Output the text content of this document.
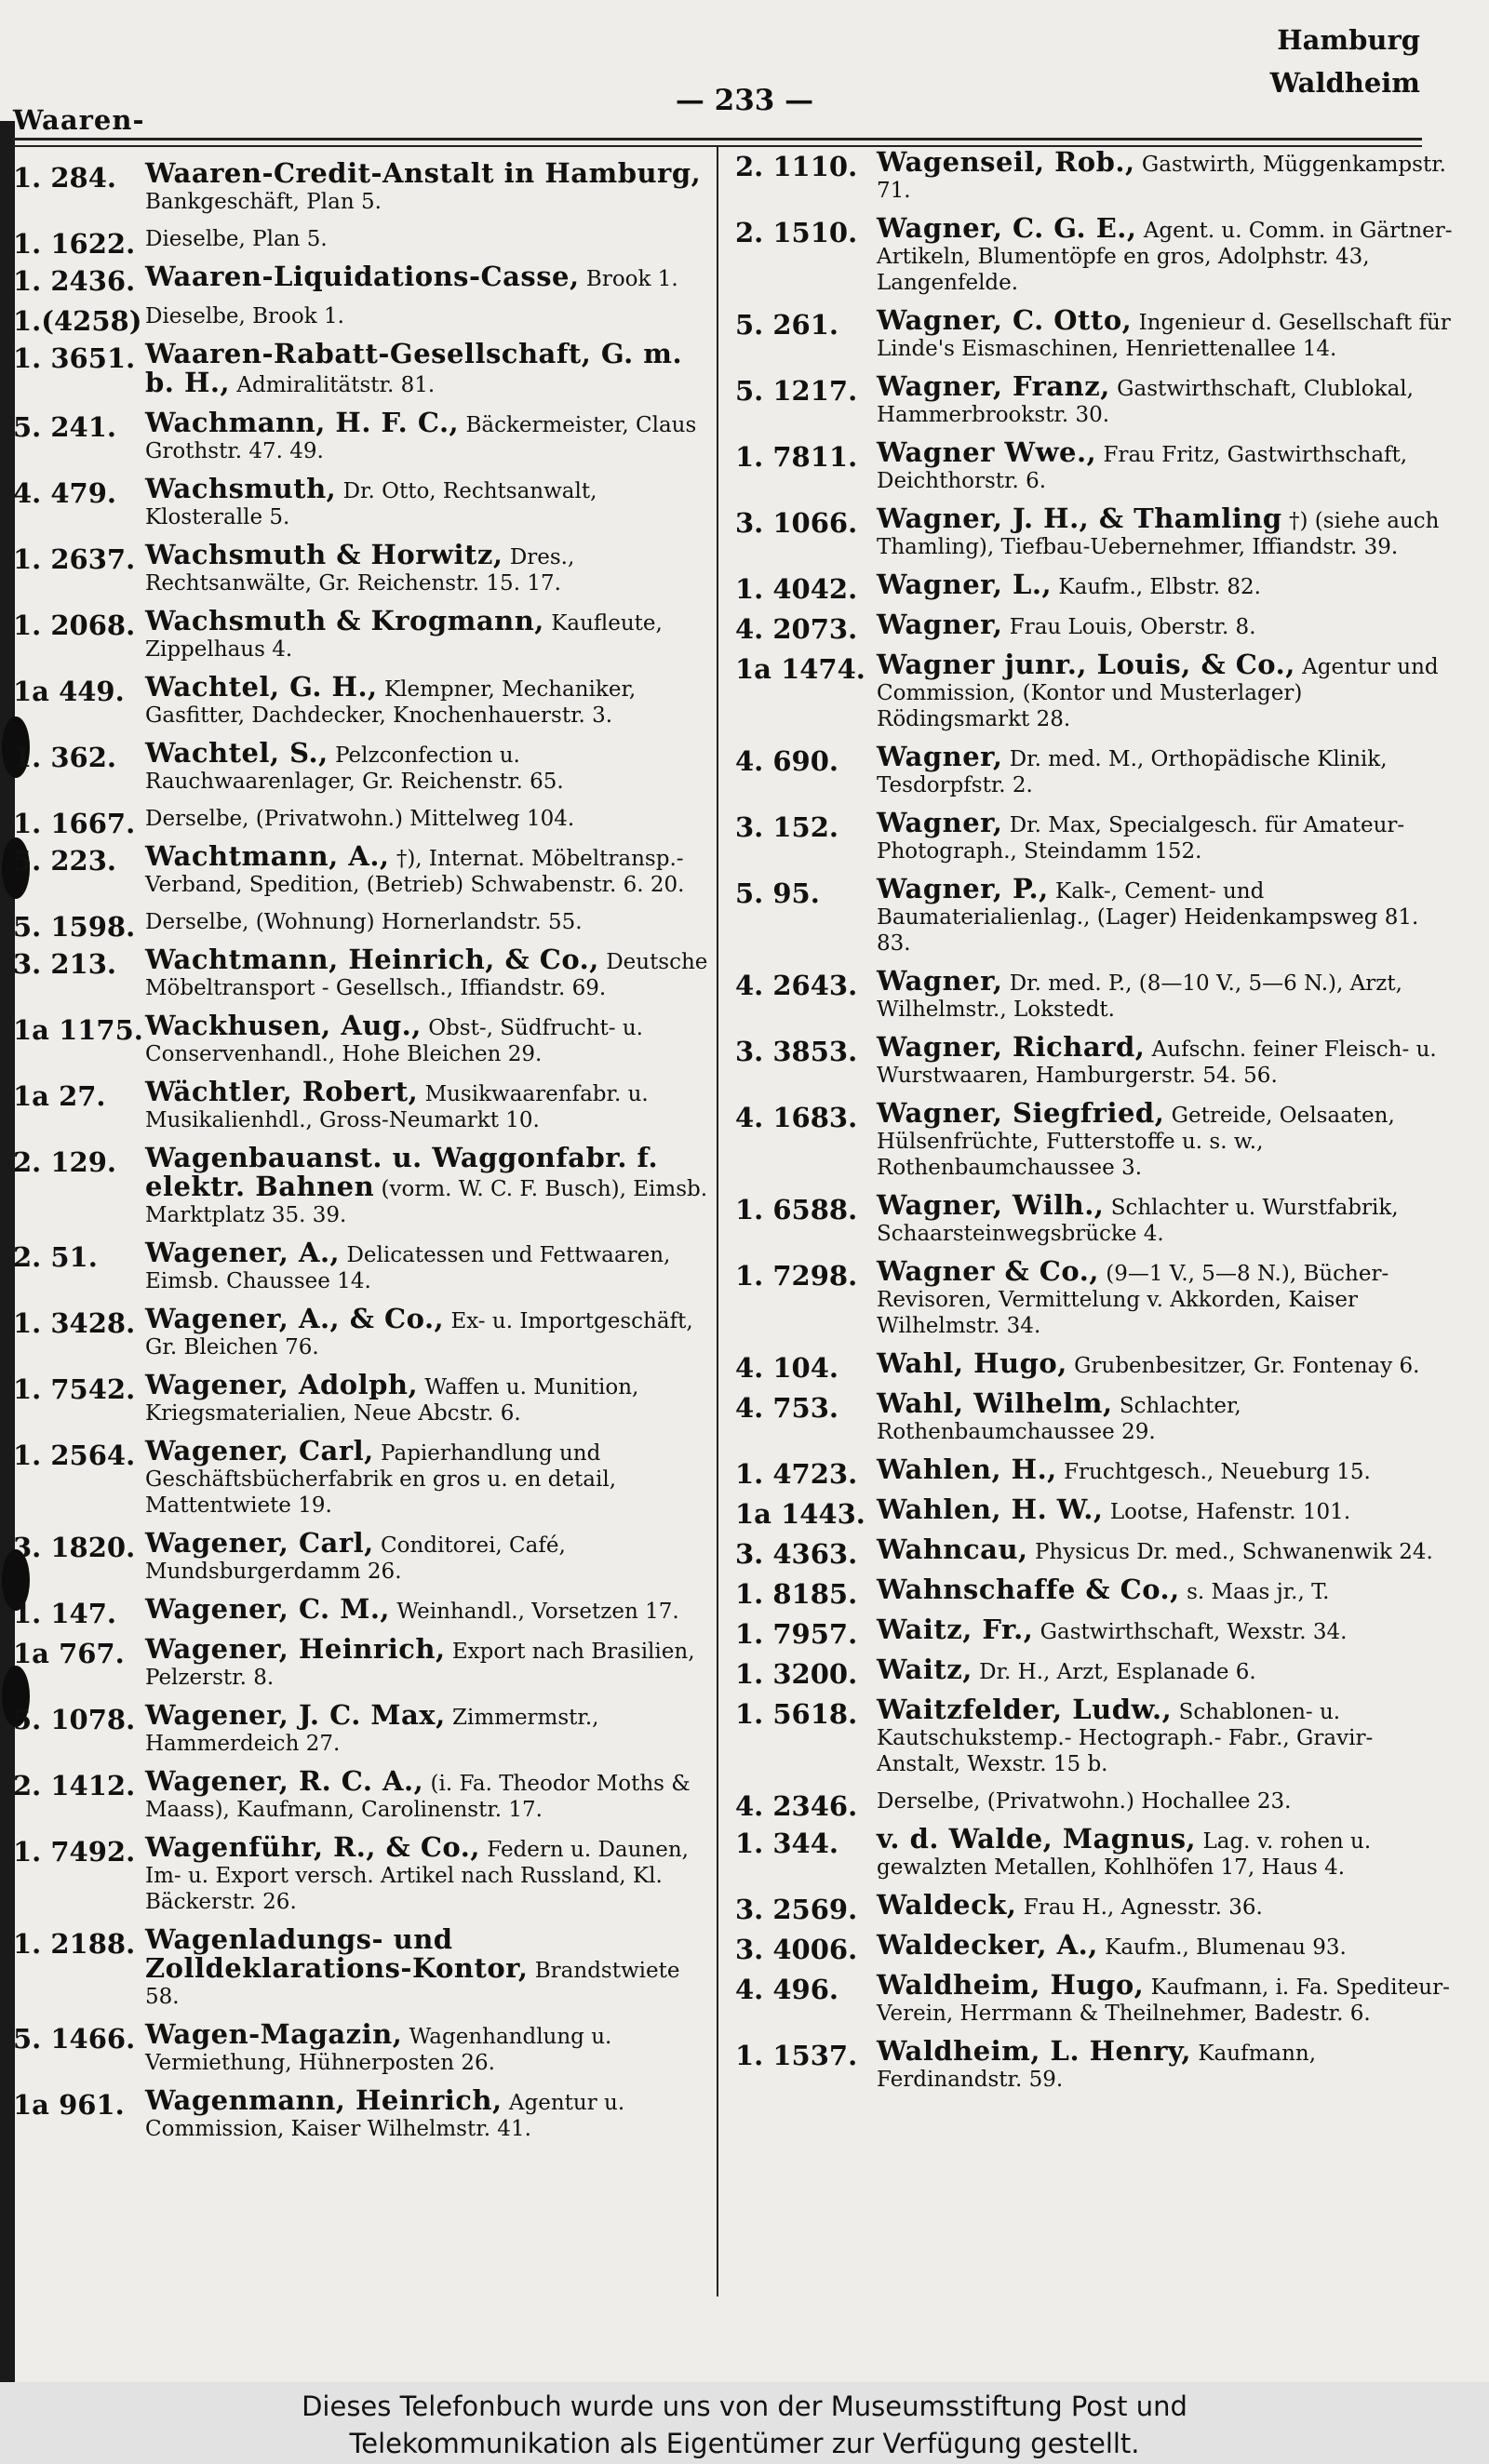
Hamburg
Waldheim
— 233 —
Waaren-
1. 284. Waaren-Credit-Anstalt in Hamburg, Bankgeschäft, Plan 5.
1. 1622. Dieselbe, Plan 5.
1. 2436. Waaren-Liquidations-Casse, Brook 1.
1.(4258) Dieselbe, Brook 1.
1. 3651. Waaren-Rabatt-Gesellschaft, G. m. b. H., Admiralitätstr. 81.
5. 241. Wachmann, H. F. C., Bäckermeister, Claus Grothstr. 47. 49.
4. 479. Wachsmuth, Dr. Otto, Rechtsanwalt, Klosteralle 5.
1. 2637. Wachsmuth & Horwitz, Dres., Rechtsanwälte, Gr. Reichenstr. 15. 17.
1. 2068. Wachsmuth & Krogmann, Kaufleute, Zippelhaus 4.
1a 449. Wachtel, G. H., Klempner, Mechaniker, Gasfitter, Dachdecker, Knochenhauerstr. 3.
1. 362. Wachtel, S., Pelzconfection u. Rauchwaarenlager, Gr. Reichenstr. 65.
1. 1667. Derselbe, (Privatwohn.) Mittelweg 104.
5. 223. Wachtmann, A., †), Internat. Möbeltransp.-Verband, Spedition, (Betrieb) Schwabenstr. 6. 20.
5. 1598. Derselbe, (Wohnung) Hornerlandstr. 55.
3. 213. Wachtmann, Heinrich, & Co., Deutsche Möbeltransport - Gesellsch., Iffiandstr. 69.
1a 1175. Wackhusen, Aug., Obst-, Südfrucht- u. Conservenhandl., Hohe Bleichen 29.
1a 27. Wächtler, Robert, Musikwaarenfabr. u. Musikalienhdl., Gross-Neumarkt 10.
2. 129. Wagenbauanst. u. Waggonfabr. f. elektr. Bahnen (vorm. W. C. F. Busch), Eimsb. Marktplatz 35. 39.
2. 51. Wagener, A., Delicatessen und Fettwaaren, Eimsb. Chaussee 14.
1. 3428. Wagener, A., & Co., Ex- u. Importgeschäft, Gr. Bleichen 76.
1. 7542. Wagener, Adolph, Waffen u. Munition, Kriegsmaterialien, Neue Abcstr. 6.
1. 2564. Wagener, Carl, Papierhandlung und Geschäftsbücherfabrik en gros u. en detail, Mattentwiete 19.
3. 1820. Wagener, Carl, Conditorei, Café, Mundsburgerdamm 26.
1. 147. Wagener, C. M., Weinhandl., Vorsetzen 17.
1a 767. Wagener, Heinrich, Export nach Brasilien, Pelzerstr. 8.
5. 1078. Wagener, J. C. Max, Zimmermstr., Hammerdeich 27.
2. 1412. Wagener, R. C. A., (i. Fa. Theodor Moths & Maass), Kaufmann, Carolinenstr. 17.
1. 7492. Wagenführ, R., & Co., Federn u. Daunen, Im- u. Export versch. Artikel nach Russland, Kl. Bäckerstr. 26.
1. 2188. Wagenladungs- und Zolldeklarations-Kontor, Brandstwiete 58.
5. 1466. Wagen-Magazin, Wagenhandlung u. Vermiethung, Hühnerposten 26.
1a 961. Wagenmann, Heinrich, Agentur u. Commission, Kaiser Wilhelmstr. 41.
2. 1110. Wagenseil, Rob., Gastwirth, Müggenkampstr. 71.
2. 1510. Wagner, C. G. E., Agent. u. Comm. in Gärtner-Artikeln, Blumentöpfe en gros, Adolphstr. 43, Langenfelde.
5. 261. Wagner, C. Otto, Ingenieur d. Gesellschaft für Linde's Eismaschinen, Henriettenallee 14.
5. 1217. Wagner, Franz, Gastwirthschaft, Clublokal, Hammerbrookstr. 30.
1. 7811. Wagner Wwe., Frau Fritz, Gastwirthschaft, Deichthorstr. 6.
3. 1066. Wagner, J. H., & Thamling †) (siehe auch Thamling), Tiefbau-Uebernehmer, Iffiandstr. 39.
1. 4042. Wagner, L., Kaufm., Elbstr. 82.
4. 2073. Wagner, Frau Louis, Oberstr. 8.
1a 1474. Wagner junr., Louis, & Co., Agentur und Commission, (Kontor und Musterlager) Rödingsmarkt 28.
4. 690. Wagner, Dr. med. M., Orthopädische Klinik, Tesdorpfstr. 2.
3. 152. Wagner, Dr. Max, Specialgesch. für Amateur-Photograph., Steindamm 152.
5. 95. Wagner, P., Kalk-, Cement- und Baumaterialienlag., (Lager) Heidenkampsweg 81. 83.
4. 2643. Wagner, Dr. med. P., (8—10 V., 5—6 N.), Arzt, Wilhelmstr., Lokstedt.
3. 3853. Wagner, Richard, Aufschn. feiner Fleisch- u. Wurstwaaren, Hamburgerstr. 54. 56.
4. 1683. Wagner, Siegfried, Getreide, Oelsaaten, Hülsenfrüchte, Futterstoffe u. s. w., Rothenbaumchaussee 3.
1. 6588. Wagner, Wilh., Schlachter u. Wurstfabrik, Schaarsteinwegsbrücke 4.
1. 7298. Wagner & Co., (9—1 V., 5—8 N.), Bücher-Revisoren, Vermittelung v. Akkorden, Kaiser Wilhelmstr. 34.
4. 104. Wahl, Hugo, Grubenbesitzer, Gr. Fontenay 6.
4. 753. Wahl, Wilhelm, Schlachter, Rothenbaumchaussee 29.
1. 4723. Wahlen, H., Fruchtgesch., Neueburg 15.
1a 1443. Wahlen, H. W., Lootse, Hafenstr. 101.
3. 4363. Wahncau, Physicus Dr. med., Schwanenwik 24.
1. 8185. Wahnschaffe & Co., s. Maas jr., T.
1. 7957. Waitz, Fr., Gastwirthschaft, Wexstr. 34.
1. 3200. Waitz, Dr. H., Arzt, Esplanade 6.
1. 5618. Waitzfelder, Ludw., Schablonen- u. Kautschukstemp.- Hectograph.- Fabr., Gravir-Anstalt, Wexstr. 15 b.
4. 2346. Derselbe, (Privatwohn.) Hochallee 23.
1. 344. v. d. Walde, Magnus, Lag. v. rohen u. gewalzten Metallen, Kohlhöfen 17, Haus 4.
3. 2569. Waldeck, Frau H., Agnesstr. 36.
3. 4006. Waldecker, A., Kaufm., Blumenau 93.
4. 496. Waldheim, Hugo, Kaufmann, i. Fa. Spediteur-Verein, Herrmann & Theilnehmer, Badestr. 6.
1. 1537. Waldheim, L. Henry, Kaufmann, Ferdinandstr. 59.
Dieses Telefonbuch wurde uns von der Museumsstiftung Post und
Telekommunikation als Eigentümer zur Verfügung gestellt.
